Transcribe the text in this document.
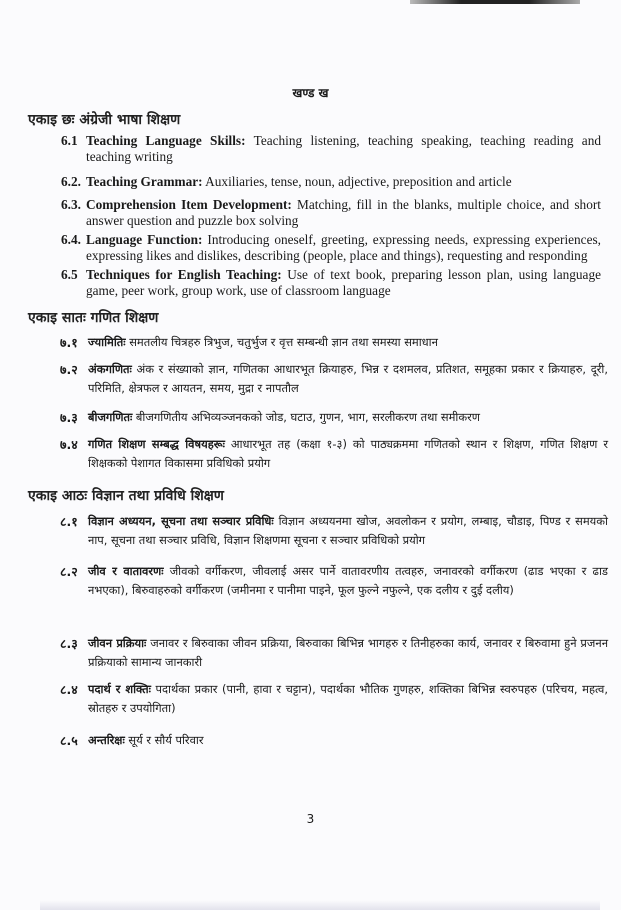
खण्ड ख
एकाइ छः अंग्रेजी भाषा शिक्षण
6.1 Teaching Language Skills: Teaching listening, teaching speaking, teaching reading and teaching writing
6.2. Teaching Grammar: Auxiliaries, tense, noun, adjective, preposition and article
6.3. Comprehension Item Development: Matching, fill in the blanks, multiple choice, and short answer question and puzzle box solving
6.4. Language Function: Introducing oneself, greeting, expressing needs, expressing experiences, expressing likes and dislikes, describing (people, place and things), requesting and responding
6.5 Techniques for English Teaching: Use of text book, preparing lesson plan, using language game, peer work, group work, use of classroom language
एकाइ सातः गणित शिक्षण
७.१ ज्यामितिः समतलीय चित्रहरु त्रिभुज, चतुर्भुज र वृत्त सम्बन्धी ज्ञान तथा समस्या समाधान
७.२ अंकगणितः अंक र संख्याको ज्ञान, गणितका आधारभूत क्रियाहरु, भिन्न र दशमलव, प्रतिशत, समूहका प्रकार र क्रियाहरु, दूरी, परिमिति, क्षेत्रफल र आयतन, समय, मुद्रा र नापतौल
७.३ बीजगणितः बीजगणितीय अभिव्यञ्जनकको जोड, घटाउ, गुणन, भाग, सरलीकरण तथा समीकरण
७.४ गणित शिक्षण सम्बद्ध विषयहरूः आधारभूत तह (कक्षा १-३) को पाठ्यक्रममा गणितको स्थान र शिक्षण, गणित शिक्षण र शिक्षकको पेशागत विकासमा प्रविधिको प्रयोग
एकाइ आठः विज्ञान तथा प्रविधि शिक्षण
८.१ विज्ञान अध्ययन, सूचना तथा सञ्चार प्रविधिः विज्ञान अध्ययनमा खोज, अवलोकन र प्रयोग, लम्बाइ, चौडाइ, पिण्ड र समयको नाप, सूचना तथा सञ्चार प्रविधि, विज्ञान शिक्षणमा सूचना र सञ्चार प्रविधिको प्रयोग
८.२ जीव र वातावरणः जीवको वर्गीकरण, जीवलाई असर पार्ने वातावरणीय तत्वहरु, जनावरको वर्गीकरण (ढाड भएका र ढाड नभएका), बिरुवाहरुको वर्गीकरण (जमीनमा र पानीमा पाइने, फूल फुल्ने नफुल्ने, एक दलीय र दुई दलीय)
८.३ जीवन प्रक्रियाः जनावर र बिरुवाका जीवन प्रक्रिया, बिरुवाका बिभिन्न भागहरु र तिनीहरुका कार्य, जनावर र बिरुवामा हुने प्रजनन प्रक्रियाको सामान्य जानकारी
८.४ पदार्थ र शक्तिः पदार्थका प्रकार (पानी, हावा र चट्टान), पदार्थका भौतिक गुणहरु, शक्तिका बिभिन्न स्वरुपहरु (परिचय, महत्व, स्रोतहरु र उपयोगिता)
८.५ अन्तरिक्षः सूर्य र सौर्य परिवार
3
